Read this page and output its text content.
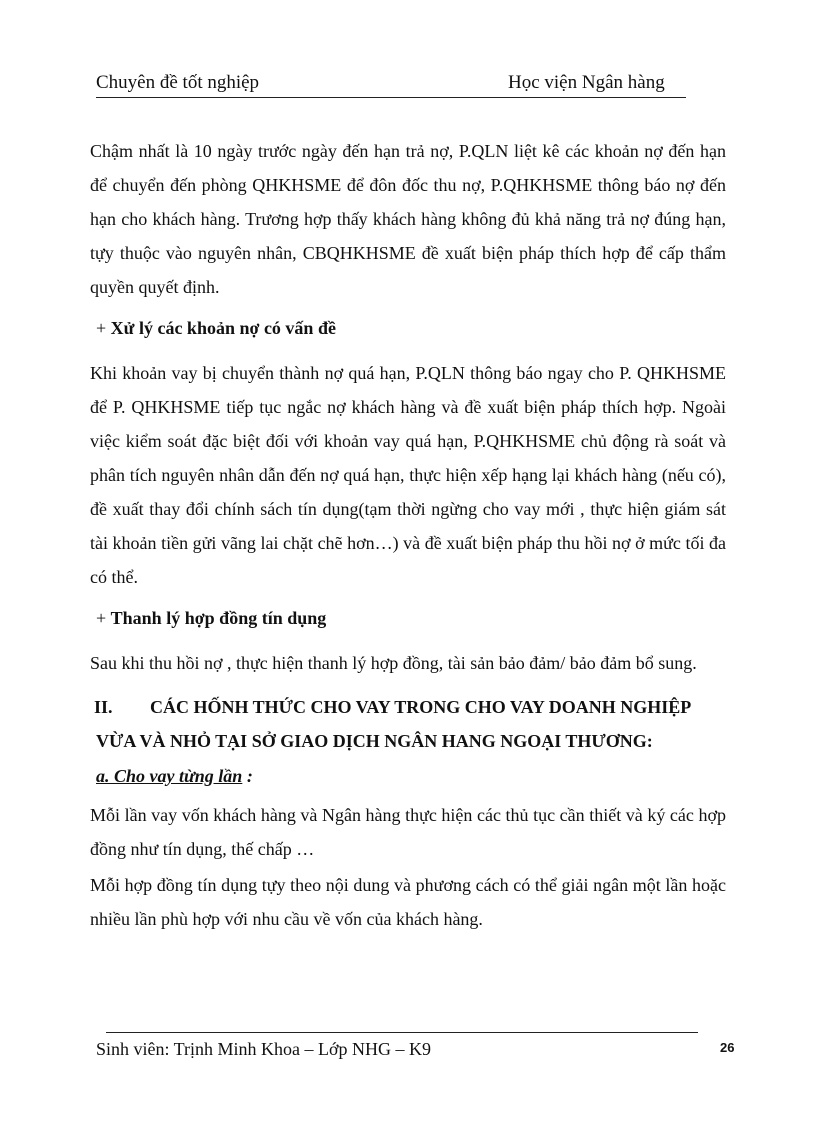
Chuyên đề tốt nghiệp	Học viện Ngân hàng
Chậm nhất là 10 ngày trước ngày đến hạn trả nợ, P.QLN liệt kê các khoản nợ đến hạn để chuyển đến phòng QHKHSME để đôn đốc thu nợ, P.QHKHSME thông báo nợ đến hạn cho khách hàng. Trương hợp thấy khách hàng không đủ khả năng trả nợ đúng hạn, tựy thuộc vào nguyên nhân, CBQHKHSME đề xuất biện pháp thích hợp để cấp thẩm quyền quyết định.
+ Xử lý các khoản nợ có vấn đề
Khi khoản vay bị chuyển thành nợ quá hạn, P.QLN thông báo ngay cho P. QHKHSME để P. QHKHSME tiếp tục ngắc nợ khách hàng và đề xuất biện pháp thích hợp. Ngoài việc kiểm soát đặc biệt đối với khoản vay quá hạn, P.QHKHSME chủ động rà soát và phân tích nguyên nhân dẫn đến nợ quá hạn, thực hiện xếp hạng lại khách hàng (nếu có), đề xuất thay đổi chính sách tín dụng(tạm thời ngừng cho vay mới , thực hiện giám sát tài khoản tiền gửi vãng lai chặt chẽ hơn…) và đề xuất biện pháp thu hồi nợ ở mức tối đa có thể.
+ Thanh lý hợp đồng tín dụng
Sau khi thu hồi nợ , thực hiện thanh lý hợp đồng, tài sản bảo đảm/ bảo đảm bổ sung.
II. CÁC HỐNH THỨC CHO VAY TRONG CHO VAY DOANH NGHIỆP
VỪA VÀ NHỎ TẠI SỞ GIAO DỊCH NGÂN HANG NGOẠI THƯƠNG:
a. Cho vay từng lần :
Mỗi lần vay vốn khách hàng và Ngân hàng thực hiện các thủ tục cần thiết và ký các hợp đồng như tín dụng, thế chấp …
Mỗi hợp đồng tín dụng tựy theo nội dung và phương cách có thể giải ngân một lần hoặc nhiều lần phù hợp với nhu cầu về vốn của khách hàng.
Sinh viên: Trịnh Minh Khoa – Lớp NHG – K9	26
